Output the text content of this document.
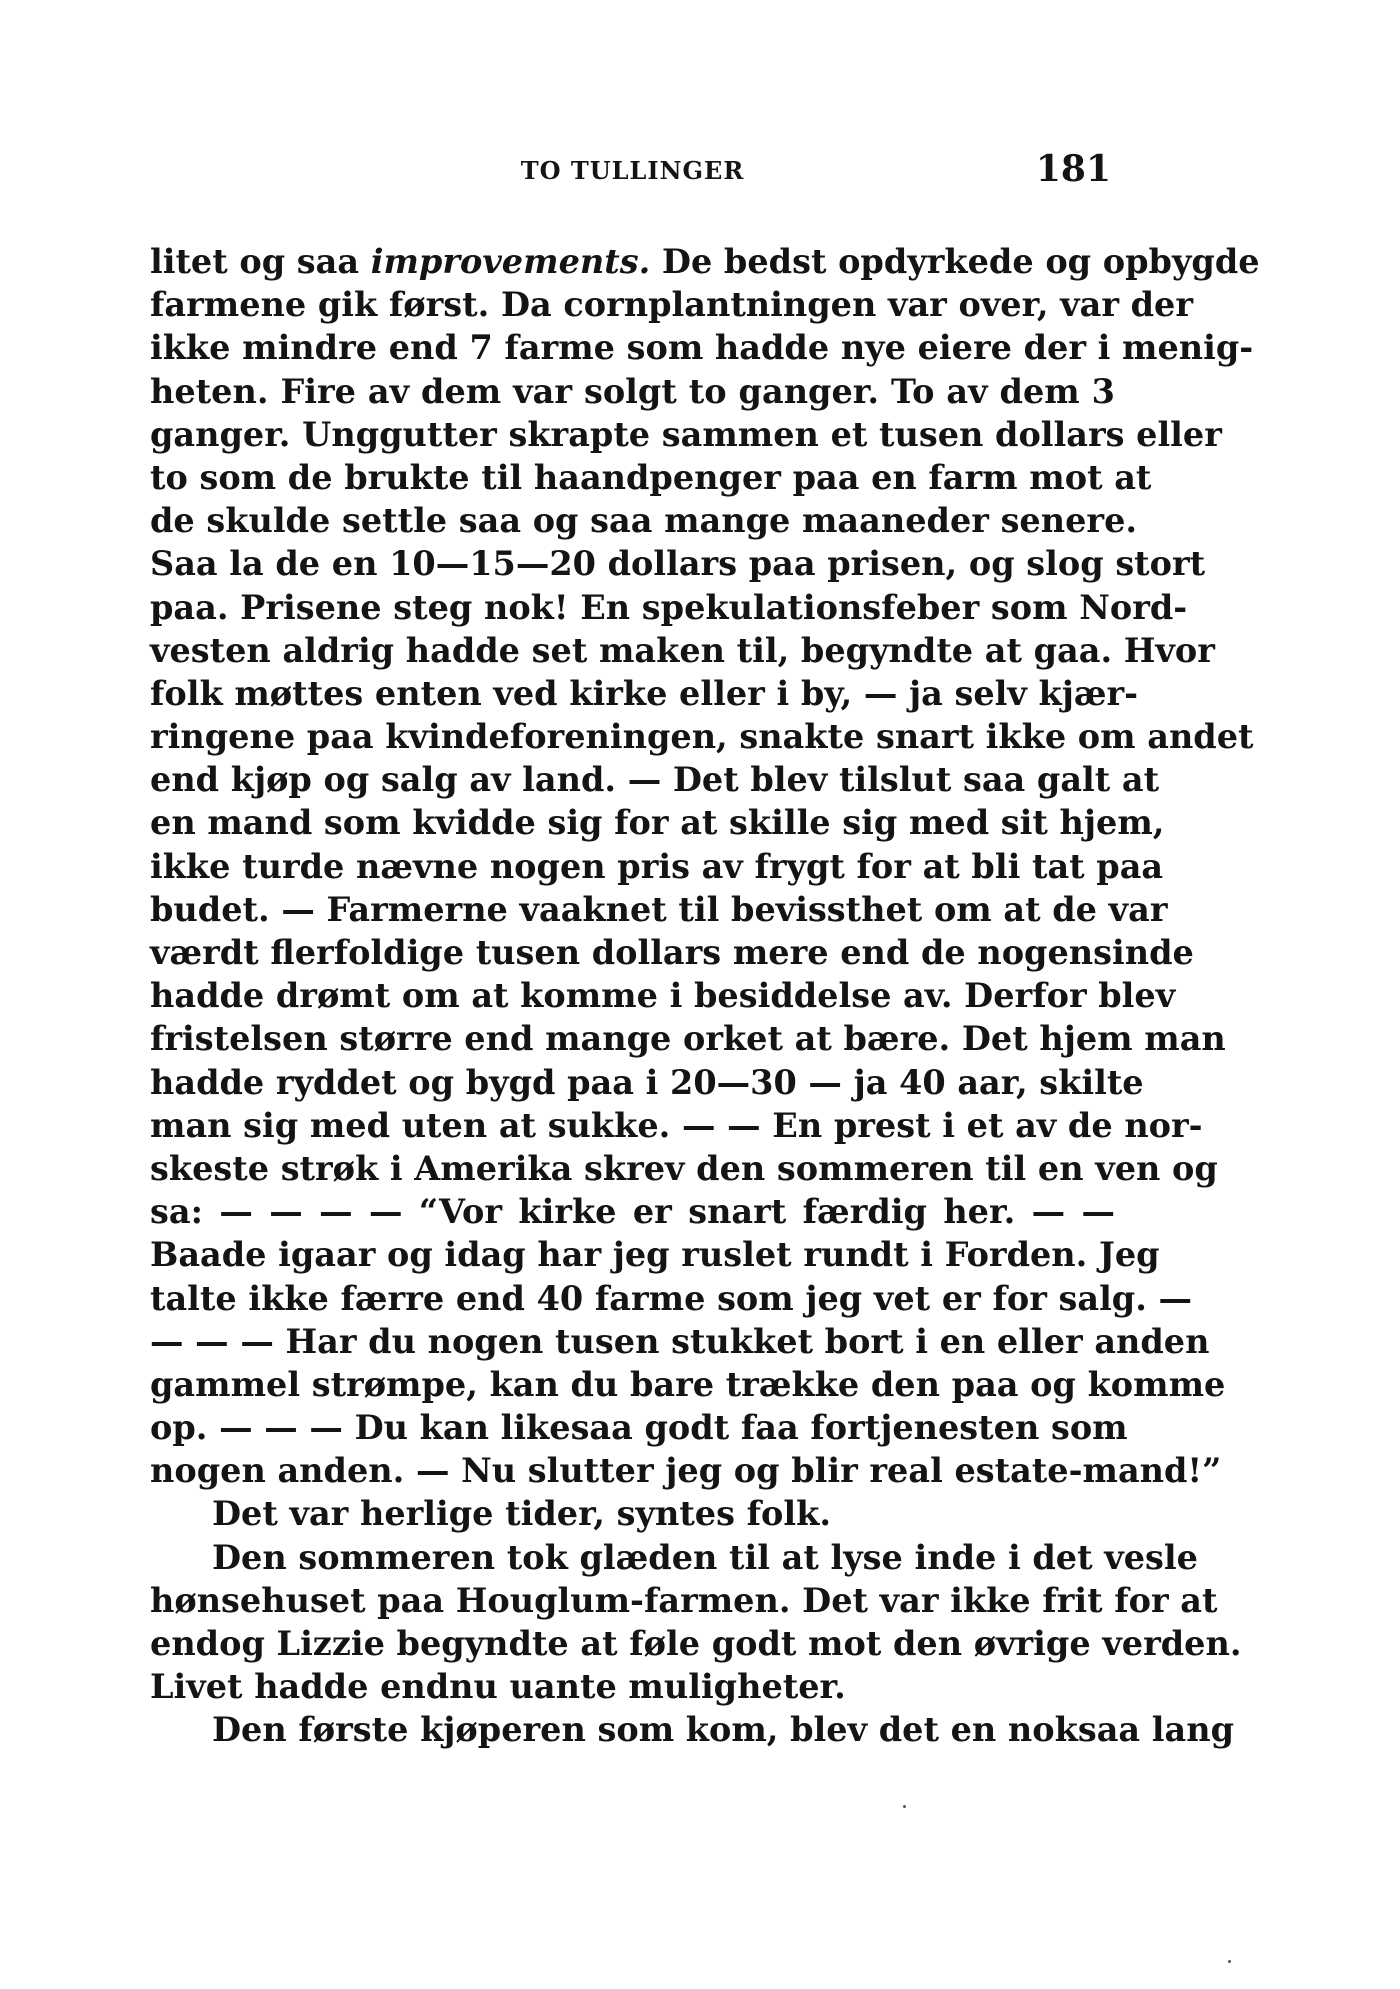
TO TULLINGER	181
litet og saa improvements. De bedst opdyrkede og opbygde
farmene gik først. Da cornplantningen var over, var der
ikke mindre end 7 farme som hadde nye eiere der i menig-
heten. Fire av dem var solgt to ganger. To av dem 3
ganger. Unggutter skrapte sammen et tusen dollars eller
to som de brukte til haandpenger paa en farm mot at
de skulde settle saa og saa mange maaneder senere.
Saa la de en 10—15—20 dollars paa prisen, og slog stort
paa. Prisene steg nok! En spekulationsfeber som Nord-
vesten aldrig hadde set maken til, begyndte at gaa. Hvor
folk møttes enten ved kirke eller i by, — ja selv kjær-
ringene paa kvindeforeningen, snakte snart ikke om andet
end kjøp og salg av land. — Det blev tilslut saa galt at
en mand som kvidde sig for at skille sig med sit hjem,
ikke turde nævne nogen pris av frygt for at bli tat paa
budet. — Farmerne vaaknet til bevissthet om at de var
værdt flerfoldige tusen dollars mere end de nogensinde
hadde drømt om at komme i besiddelse av. Derfor blev
fristelsen større end mange orket at bære. Det hjem man
hadde ryddet og bygd paa i 20—30 — ja 40 aar, skilte
man sig med uten at sukke. — — En prest i et av de nor-
skeste strøk i Amerika skrev den sommeren til en ven og
sa: — — — — “Vor kirke er snart færdig her. — —
Baade igaar og idag har jeg ruslet rundt i Forden. Jeg
talte ikke færre end 40 farme som jeg vet er for salg. —
— — — Har du nogen tusen stukket bort i en eller anden
gammel strømpe, kan du bare trække den paa og komme
op. — — — Du kan likesaa godt faa fortjenesten som
nogen anden. — Nu slutter jeg og blir real estate-mand!”
Det var herlige tider, syntes folk.
Den sommeren tok glæden til at lyse inde i det vesle
hønsehuset paa Houglum-farmen. Det var ikke frit for at
endog Lizzie begyndte at føle godt mot den øvrige verden.
Livet hadde endnu uante muligheter.
Den første kjøperen som kom, blev det en noksaa lang
